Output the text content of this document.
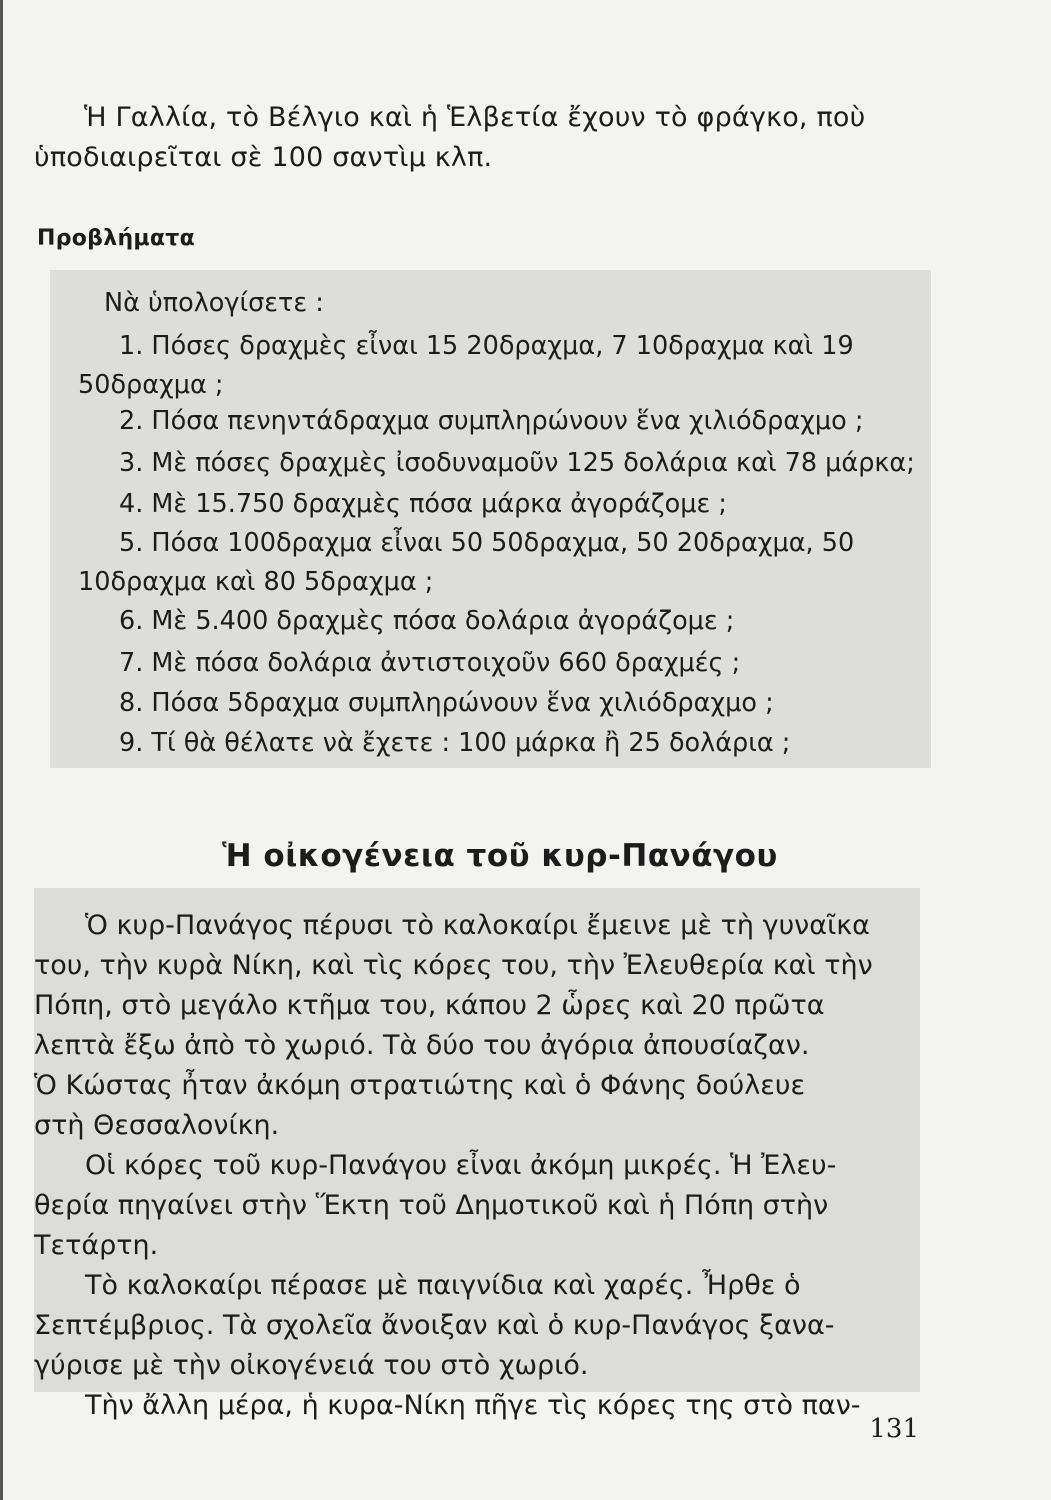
Ἡ Γαλλία, τὸ Βέλγιο καὶ ἡ Ἑλβετία ἔχουν τὸ φράγκο, ποὺ ὑποδιαιρεῖται σὲ 100 σαντὶμ κλπ.

Προβλήματα

Νὰ ὑπολογίσετε :

1. Πόσες δραχμὲς εἶναι 15 20δραχμα, 7 10δραχμα καὶ 19

50δραχμα ;

2. Πόσα πενηντάδραχμα συμπληρώνουν ἕνα χιλιόδραχμο ;

3. Μὲ πόσες δραχμὲς ἰσοδυναμοῦν 125 δολάρια καὶ 78 μάρκα;

4. Μὲ 15.750 δραχμὲς πόσα μάρκα ἀγοράζομε ;

5. Πόσα 100δραχμα εἶναι 50 50δραχμα, 50 20δραχμα, 50

10δραχμα καὶ 80 5δραχμα ;

6. Μὲ 5.400 δραχμὲς πόσα δολάρια ἀγοράζομε ;

7. Μὲ πόσα δολάρια ἀντιστοιχοῦν 660 δραχμές ;

8. Πόσα 5δραχμα συμπληρώνουν ἕνα χιλιόδραχμο ;

9. Τί θὰ θέλατε νὰ ἔχετε : 100 μάρκα ἢ 25 δολάρια ;

Ἡ οἰκογένεια τοῦ κυρ-Πανάγου

Ὁ κυρ-Πανάγος πέρυσι τὸ καλοκαίρι ἔμεινε μὲ τὴ γυναῖκα

του, τὴν κυρὰ Νίκη, καὶ τὶς κόρες του, τὴν Ἐλευθερία καὶ τὴν

Πόπη, στὸ μεγάλο κτῆμα του, κάπου 2 ὧρες καὶ 20 πρῶτα

λεπτὰ ἔξω ἀπὸ τὸ χωριό. Τὰ δύο του ἀγόρια ἀπουσίαζαν.

Ὁ Κώστας ἦταν ἀκόμη στρατιώτης καὶ ὁ Φάνης δούλευε

στὴ Θεσσαλονίκη.

Οἱ κόρες τοῦ κυρ-Πανάγου εἶναι ἀκόμη μικρές. Ἡ Ἐλευ-

θερία πηγαίνει στὴν Ἕκτη τοῦ Δημοτικοῦ καὶ ἡ Πόπη στὴν

Τετάρτη.

Τὸ καλοκαίρι πέρασε μὲ παιγνίδια καὶ χαρές. Ἦρθε ὁ

Σεπτέμβριος. Τὰ σχολεῖα ἄνοιξαν καὶ ὁ κυρ-Πανάγος ξανα-

γύρισε μὲ τὴν οἰκογένειά του στὸ χωριό.

Τὴν ἄλλη μέρα, ἡ κυρα-Νίκη πῆγε τὶς κόρες της στὸ παν-

131
